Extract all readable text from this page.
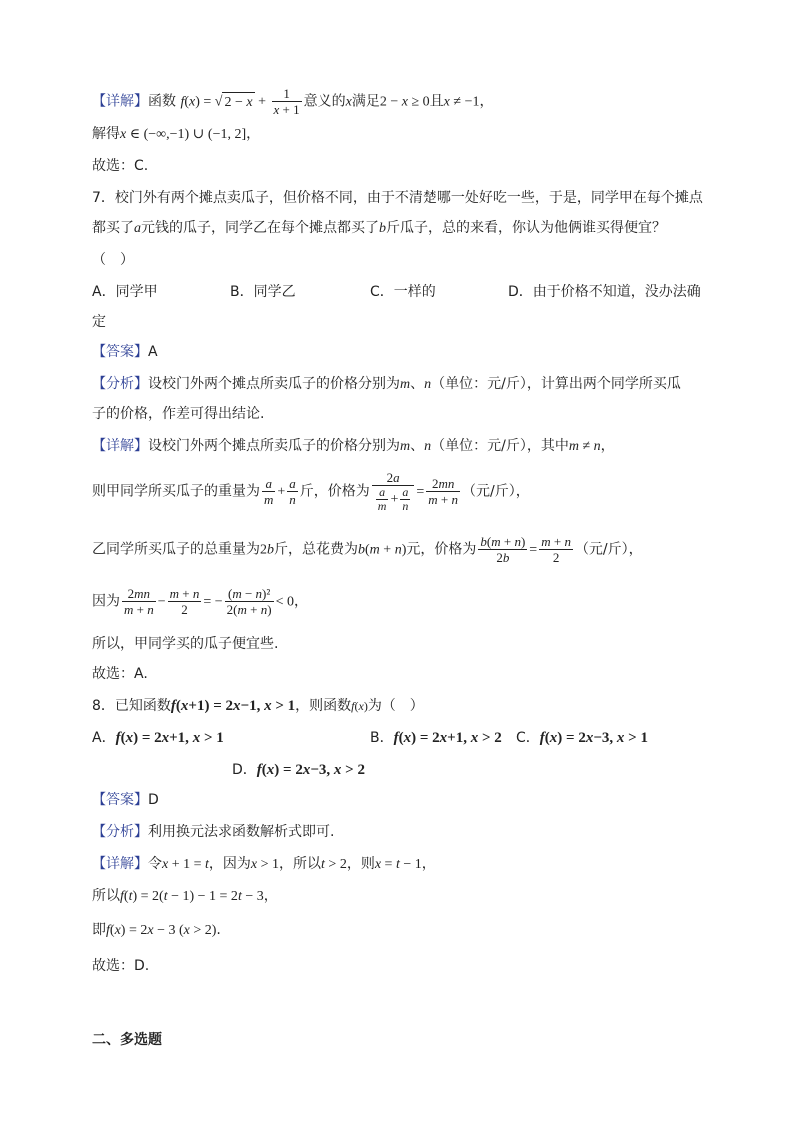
【详解】函数 f(x) = √ $2 - x + \frac{1}{x + 1}$ 意义的x满足2 − x ≥ 0且x ≠ −1，
解得x ∈ (−∞,−1) ∪ (−1, 2]，
故选：C.
7．校门外有两个摊点卖瓜子，但价格不同，由于不清楚哪一处好吃一些，于是，同学甲在每个摊点
都买了a元钱的瓜子，同学乙在每个摊点都买了b斤瓜子，总的来看，你认为他俩谁买得便宜？
（　）
A．同学甲	B．同学乙	C．一样的	D．由于价格不知道，没办法确
定
【答案】A
【分析】设校门外两个摊点所卖瓜子的价格分别为m、n（单位：元/斤），计算出两个同学所买瓜
子的价格，作差可得出结论.
【详解】设校门外两个摊点所卖瓜子的价格分别为m、n（单位：元/斤），其中m ≠ n，
则甲同学所买瓜子的重量为 $\frac{a}{m} + \frac{a}{n}$ 斤，价格为 $\frac{2a}{\frac{a}{m} + \frac{a}{n}} = \frac{2mn}{m + n}$ （元/斤），
乙同学所买瓜子的总重量为2b斤，总花费为b(m + n)元，价格为 $\frac{b(m + n)}{2b} = \frac{m + n}{2}$ （元/斤），
因为 $\frac{2mn}{m + n} - \frac{m + n}{2}$ = − $\frac{\text{(m − n)²}}{2(m + n)} < 0$，
所以，甲同学买的瓜子便宜些.
故选：A.
8．已知函数f(x+1) = 2x−1, x > 1，则函数f(x)为（　）
A．f(x) = 2x+1, x > 1	B．f(x) = 2x+1, x > 2 C．f(x) = 2x−3, x > 1
D．f(x) = 2x−3, x > 2
【答案】D
【分析】利用换元法求函数解析式即可.
【详解】令x + 1 = t，因为x > 1，所以t > 2，则x = t − 1，
所以f(t) = 2(t − 1) − 1 = 2t − 3，
即f(x) = 2x − 3 (x > 2).
故选：D.
二、多选题
